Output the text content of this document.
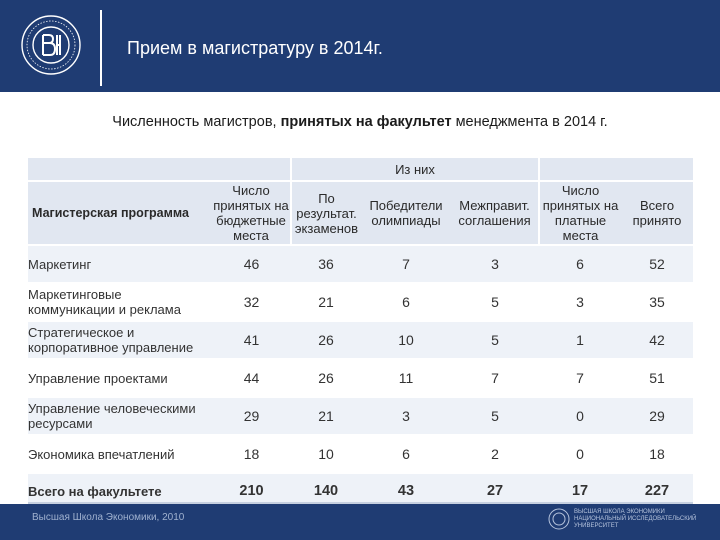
Прием в магистратуру в 2014г.
Численность магистров, принятых на факультет менеджмента в 2014 г.
		Из них				
Магистерская программа	Число принятых на бюджетные места	По результат. экзаменов	Победители олимпиады	Межправит. соглашения	Число принятых на платные места	Всего принято
Маркетинг	46	36	7	3	6	52
Маркетинговые коммуникации и реклама	32	21	6	5	3	35
Стратегическое и корпоративное управление	41	26	10	5	1	42
Управление проектами	44	26	11	7	7	51
Управление человеческими ресурсами	29	21	3	5	0	29
Экономика впечатлений	18	10	6	2	0	18
Всего на факультете	210	140	43	27	17	227
Высшая Школа Экономики, 2010	ВЫСШАЯ ШКОЛА ЭКОНОМИКИ НАЦИОНАЛЬНЫЙ ИССЛЕДОВАТЕЛЬСКИЙ УНИВЕРСИТЕТ
